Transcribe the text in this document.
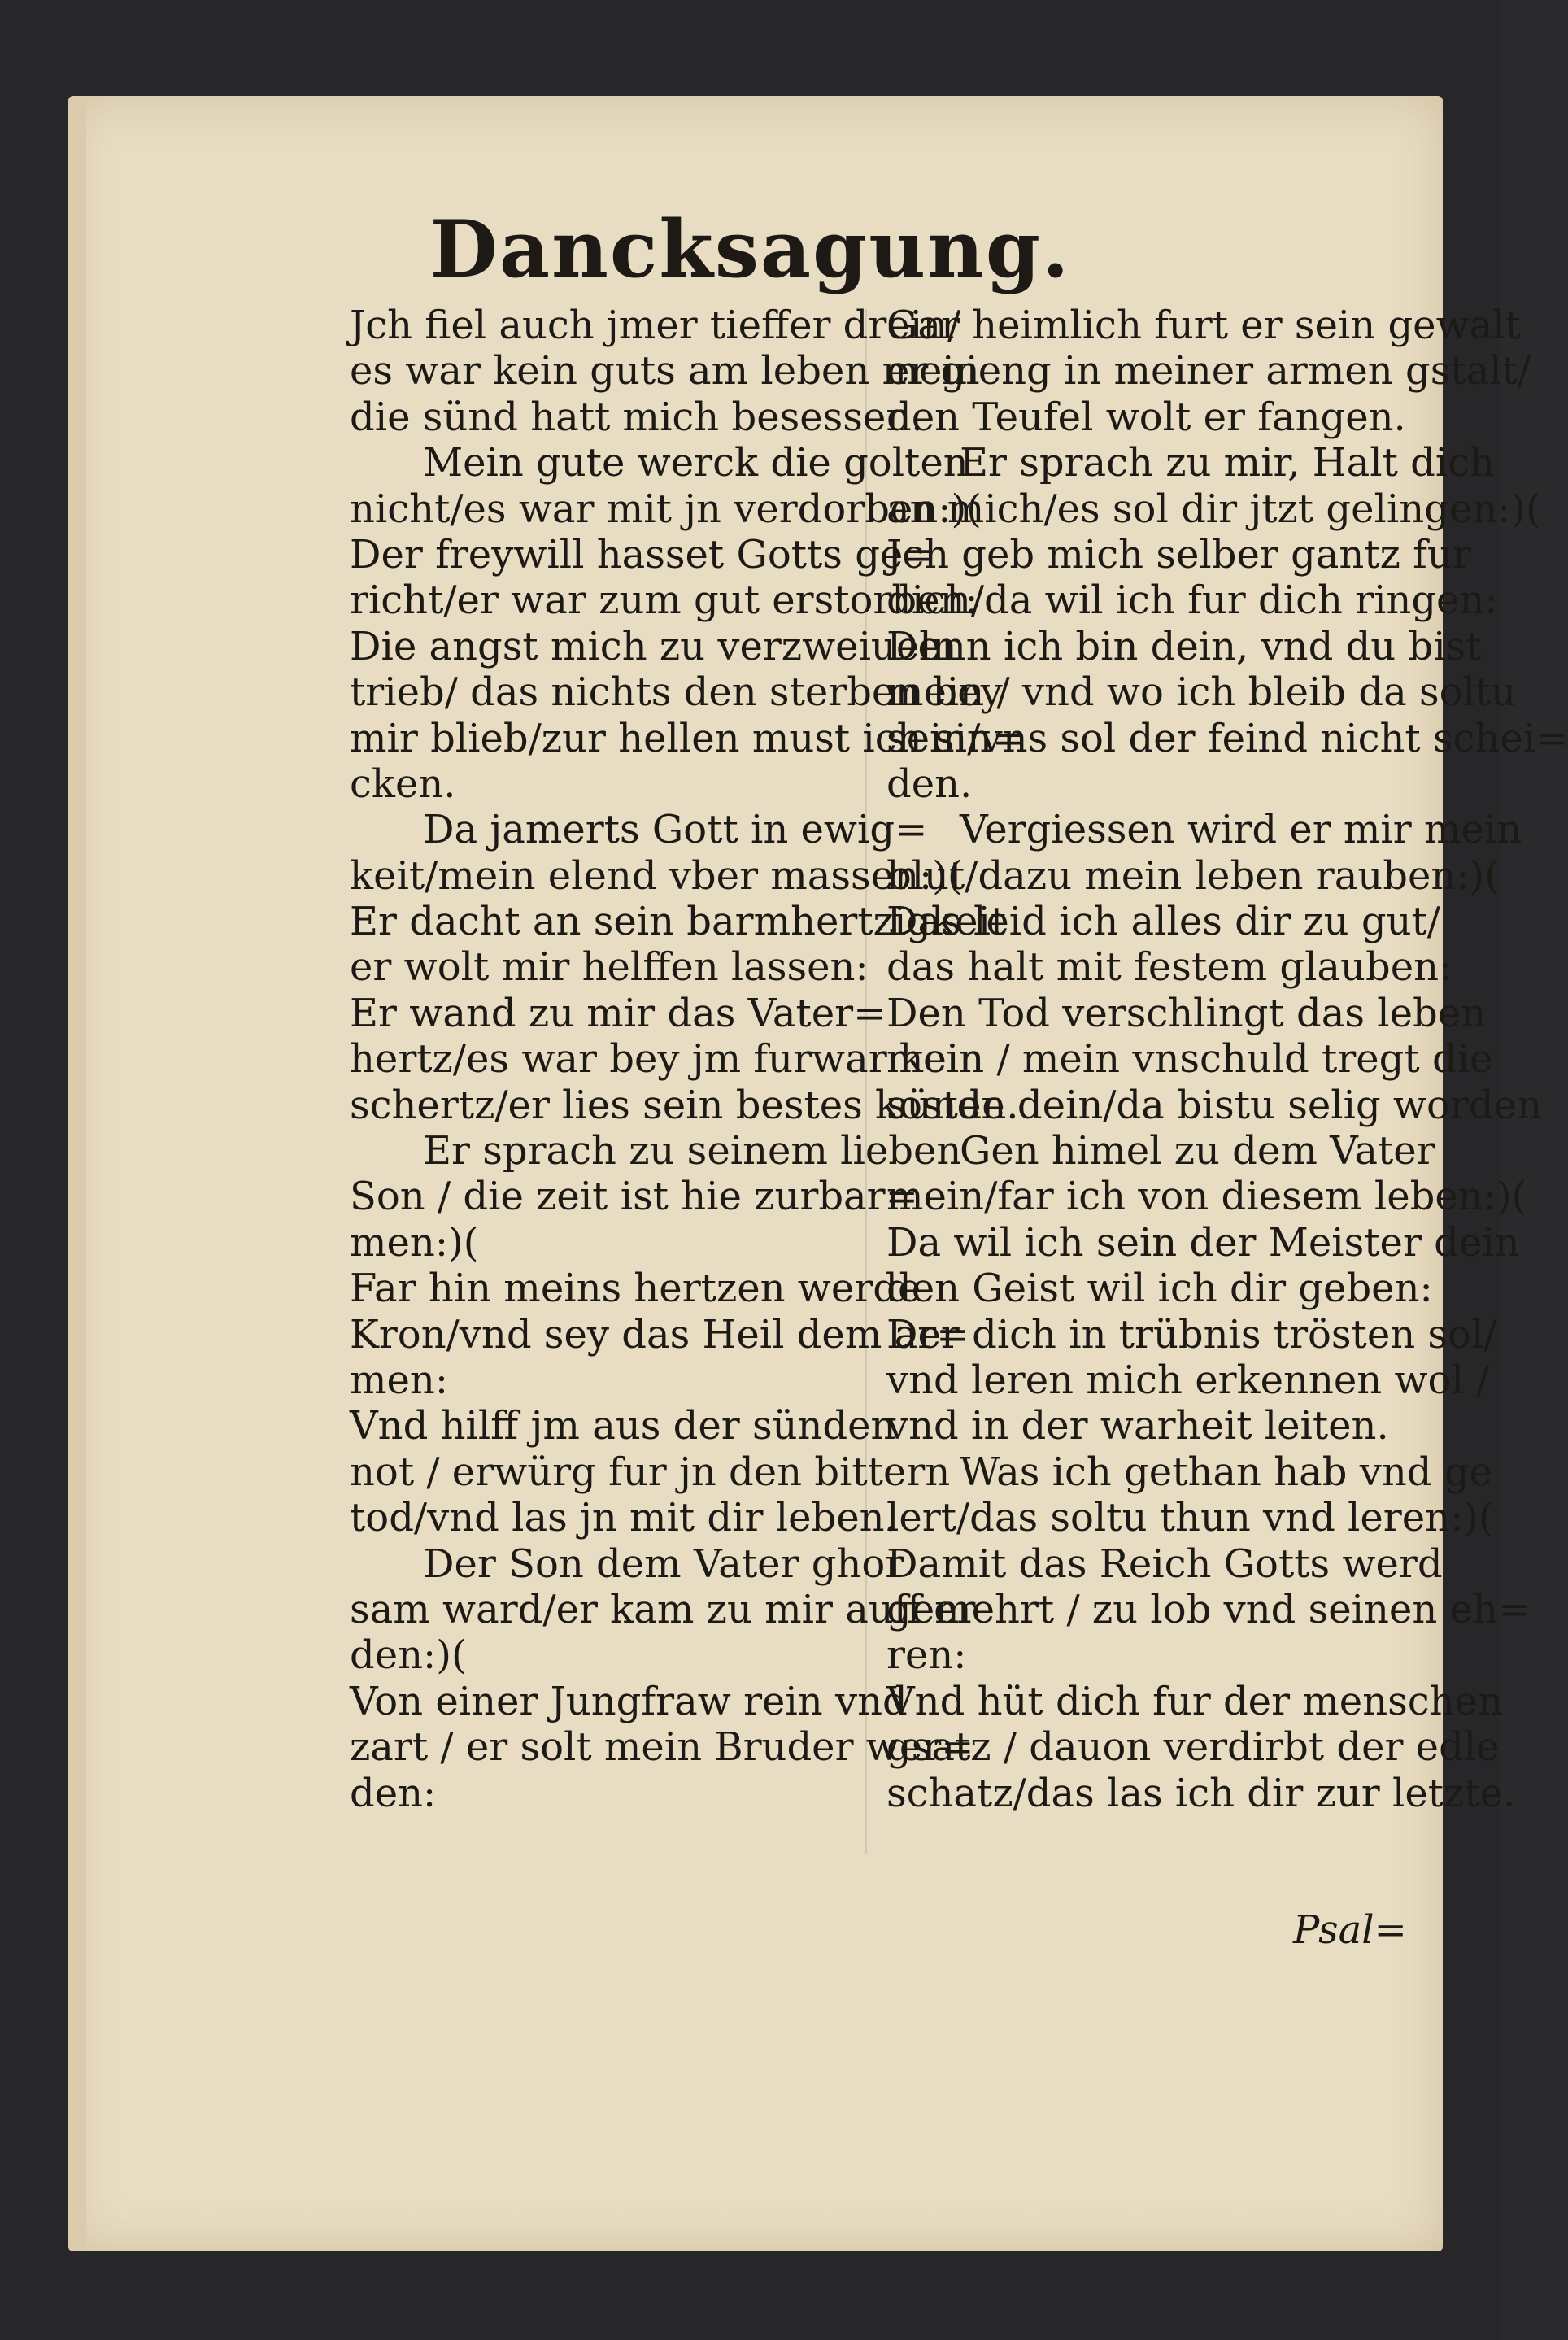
Dancksagung.
Jch fiel auch jmer tieffer drein/
es war kein guts am leben mein
die sünd hatt mich besessen.
Mein gute werck die golten
nicht/es war mit jn verdorben:)(
Der freywill hasset Gotts ge=
richt/er war zum gut erstorben:
Die angst mich zu verzweiueln
trieb/ das nichts den sterben bey
mir blieb/zur hellen must ich sin=
cken.
Da jamerts Gott in ewig=
keit/mein elend vber massen:)(
Er dacht an sein barmhertzigkeit
er wolt mir helffen lassen:
Er wand zu mir das Vater=
hertz/es war bey jm furwar kein
schertz/er lies sein bestes kosten.
Er sprach zu seinem lieben
Son / die zeit ist hie zurbar=
men:)(
Far hin meins hertzen werde
Kron/vnd sey das Heil dem ar=
men:
Vnd hilff jm aus der sünden
not / erwürg fur jn den bittern
tod/vnd las jn mit dir leben.
Der Son dem Vater ghor
sam ward/er kam zu mir auff er
den:)(
Von einer Jungfraw rein vnd
zart / er solt mein Bruder wer=
den:
Gar heimlich furt er sein gewalt
er gieng in meiner armen gstalt/
den Teufel wolt er fangen.
Er sprach zu mir, Halt dich
an mich/es sol dir jtzt gelingen:)(
Jch geb mich selber gantz fur
dich/da wil ich fur dich ringen:
Denn ich bin dein, vnd du bist
mein / vnd wo ich bleib da soltu
sein/vns sol der feind nicht schei=
den.
Vergiessen wird er mir mein
blut/dazu mein leben rauben:)(
Das leid ich alles dir zu gut/
das halt mit festem glauben:
Den Tod verschlingt das leben
mein / mein vnschuld tregt die
sünde dein/da bistu selig worden
Gen himel zu dem Vater
mein/far ich von diesem leben:)(
Da wil ich sein der Meister dein
den Geist wil ich dir geben:
Der dich in trübnis trösten sol/
vnd leren mich erkennen wol /
vnd in der warheit leiten.
Was ich gethan hab vnd ge
lert/das soltu thun vnd leren:)(
Damit das Reich Gotts werd
gemehrt / zu lob vnd seinen eh=
ren:
Vnd hüt dich fur der menschen
gsatz / dauon verdirbt der edle
schatz/das las ich dir zur letzte.
Psal=
